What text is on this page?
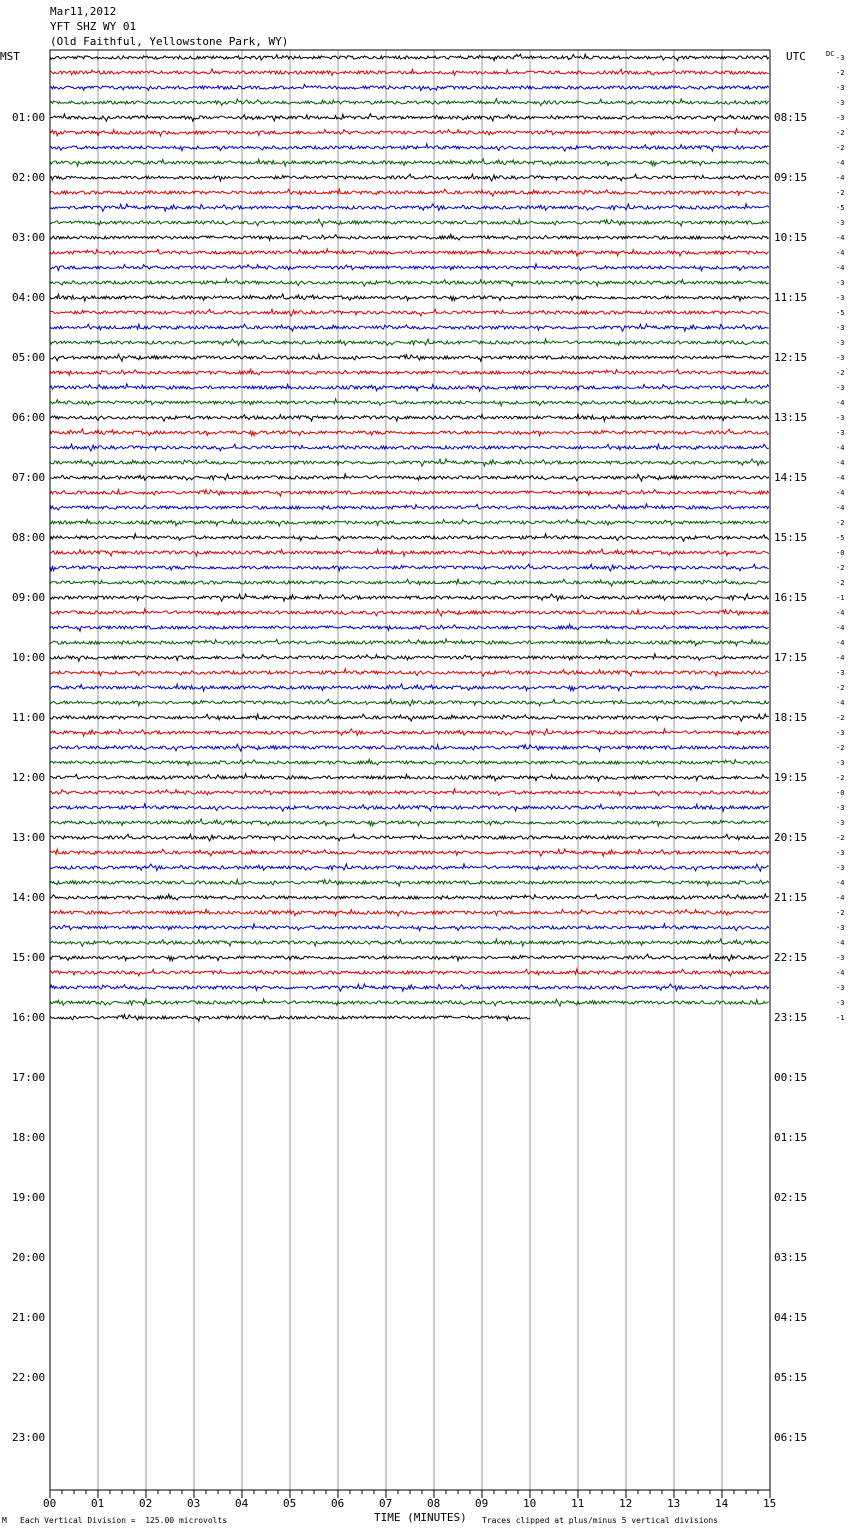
Mar11,2012
YFT SHZ WY 01
(Old Faithful, Yellowstone Park, WY)
MST	UTC	DC
01:00
02:00
03:00
04:00
05:00
06:00
07:00
08:00
09:00
10:00
11:00
12:00
13:00
14:00
15:00
16:00
17:00
18:00
19:00
20:00
21:00
22:00
23:00
08:15
09:15
10:15
11:15
12:15
13:15
14:15
15:15
16:15
17:15
18:15
19:15
20:15
21:15
22:15
23:15
00:15
01:15
02:15
03:15
04:15
05:15
06:15
-3
-2
-3
-3
-3
-2
-2
-4
-4
-2
-5
-3
-4
-4
-4
-3
-3
-5
-3
-3
-3
-2
-3
-4
-3
-3
-4
-4
-4
-4
-4
-2
-5
-0
-2
-2
-1
-4
-4
-4
-4
-3
-2
-4
-2
-3
-2
-3
-2
-0
-3
-3
-2
-3
-3
-4
-4
-2
-3
-4
-3
-4
-3
-3
-1
00	01	02	03	04	05	06	07	08	09	10	11	12	13	14	15
M Each Vertical Division =  125.00 microvolts	TIME (MINUTES) Traces clipped at plus/minus 5 vertical divisions
